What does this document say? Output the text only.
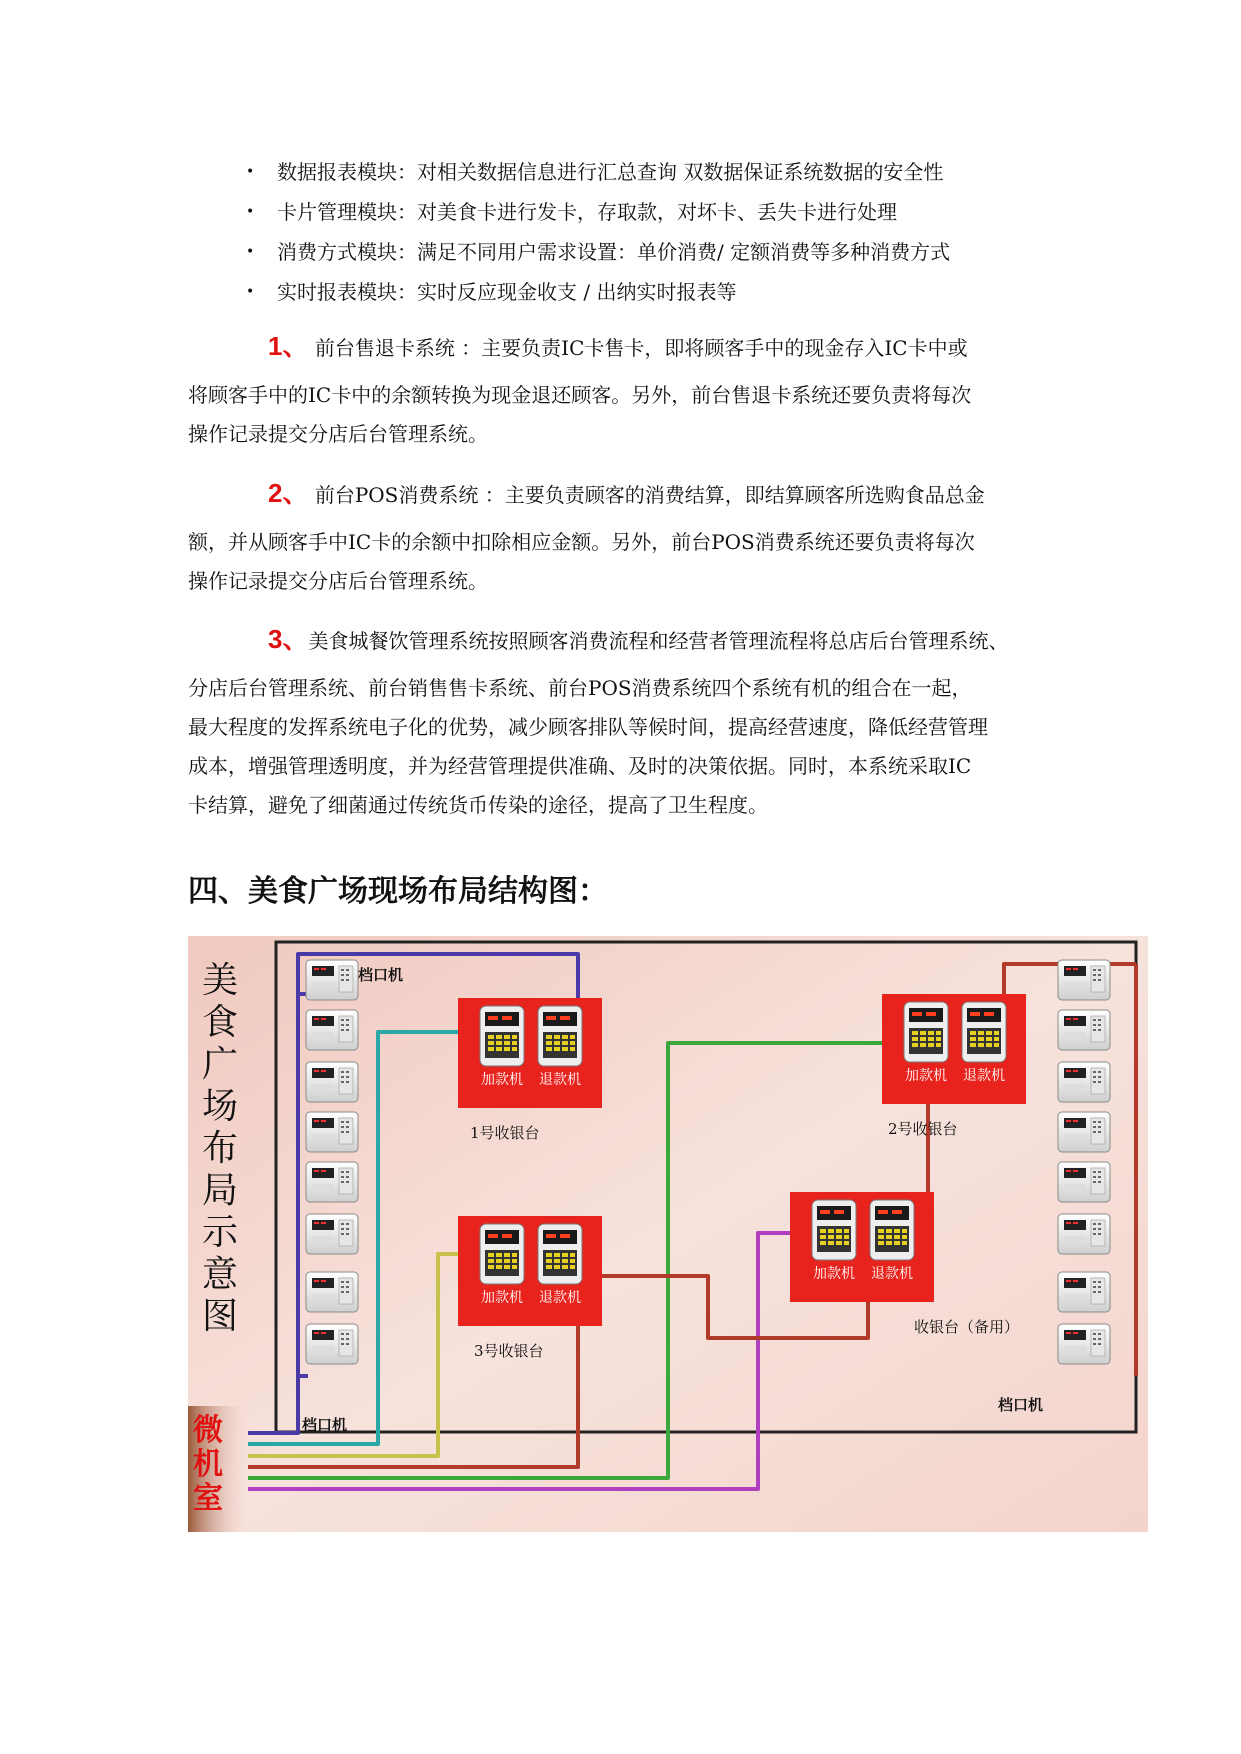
• 数据报表模块：对相关数据信息进行汇总查询 双数据保证系统数据的安全性
• 卡片管理模块：对美食卡进行发卡，存取款，对坏卡、丢失卡进行处理
• 消费方式模块：满足不同用户需求设置：单价消费/ 定额消费等多种消费方式
• 实时报表模块：实时反应现金收支 / 出纳实时报表等
1、 前台售退卡系统 ：主要负责IC卡售卡，即将顾客手中的现金存入IC卡中或
将顾客手中的IC卡中的余额转换为现金退还顾客。另外，前台售退卡系统还要负责将每次
操作记录提交分店后台管理系统。
2、 前台POS消费系统 ：主要负责顾客的消费结算，即结算顾客所选购食品总金
额，并从顾客手中IC卡的余额中扣除相应金额。另外，前台POS消费系统还要负责将每次
操作记录提交分店后台管理系统。
3、美食城餐饮管理系统按照顾客消费流程和经营者管理流程将总店后台管理系统、
分店后台管理系统、前台销售售卡系统、前台POS消费系统四个系统有机的组合在一起，
最大程度的发挥系统电子化的优势，减少顾客排队等候时间，提高经营速度，降低经营管理
成本，增强管理透明度，并为经营管理提供准确、及时的决策依据。同时，本系统采取IC
卡结算，避免了细菌通过传统货币传染的途径，提高了卫生程度。
四、美食广场现场布局结构图：
加款机 退款机
1号收银台
加款机 退款机
2号收银台
加款机 退款机
3号收银台
加款机 退款机
收银台（备用）
档口机
档口机
档口机
美
食
广
场
布
局
示
意
图
微
机
室
